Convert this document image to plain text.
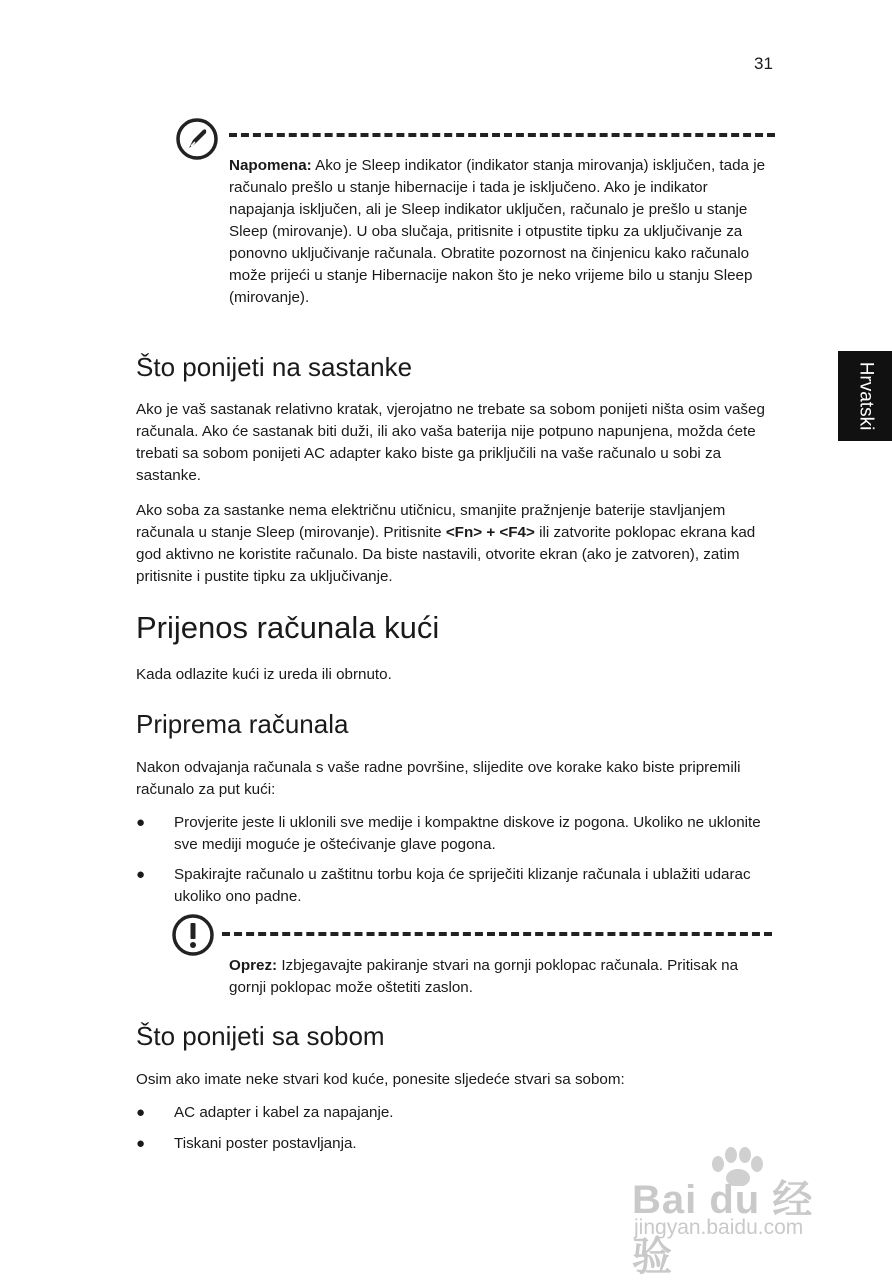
31
Hrvatski
Napomena: Ako je Sleep indikator (indikator stanja mirovanja) isključen, tada je računalo prešlo u stanje hibernacije i tada je isključeno. Ako je indikator napajanja isključen, ali je Sleep indikator uključen, računalo je prešlo u stanje Sleep (mirovanje). U oba slučaja, pritisnite i otpustite tipku za uključivanje za ponovno uključivanje računala. Obratite pozornost na činjenicu kako računalo može prijeći u stanje Hibernacije nakon što je neko vrijeme bilo u stanju Sleep (mirovanje).
Što ponijeti na sastanke

Ako je vaš sastanak relativno kratak, vjerojatno ne trebate sa sobom ponijeti ništa osim vašeg računala. Ako će sastanak biti duži, ili ako vaša baterija nije potpuno napunjena, možda ćete trebati sa sobom ponijeti AC adapter kako biste ga priključili na vaše računalo u sobi za sastanke.

Ako soba za sastanke nema električnu utičnicu, smanjite pražnjenje baterije stavljanjem računala u stanje Sleep (mirovanje). Pritisnite <Fn> + <F4> ili zatvorite poklopac ekrana kad god aktivno ne koristite računalo. Da biste nastavili, otvorite ekran (ako je zatvoren), zatim pritisnite i pustite tipku za uključivanje.

Prijenos računala kući

Kada odlazite kući iz ureda ili obrnuto.

Priprema računala

Nakon odvajanja računala s vaše radne površine, slijedite ove korake kako biste pripremili računalo za put kući:

●	Provjerite jeste li uklonili sve medije i kompaktne diskove iz pogona. Ukoliko ne uklonite sve mediji moguće je oštećivanje glave pogona.
●	Spakirajte računalo u zaštitnu torbu koja će spriječiti klizanje računala i ublažiti udarac ukoliko ono padne.
Oprez: Izbjegavajte pakiranje stvari na gornji poklopac računala. Pritisak na gornji poklopac može oštetiti zaslon.
Što ponijeti sa sobom

Osim ako imate neke stvari kod kuće, ponesite sljedeće stvari sa sobom:

●	AC adapter i kabel za napajanje.
●	Tiskani poster postavljanja.
Bai du 经验
jingyan.baidu.com
